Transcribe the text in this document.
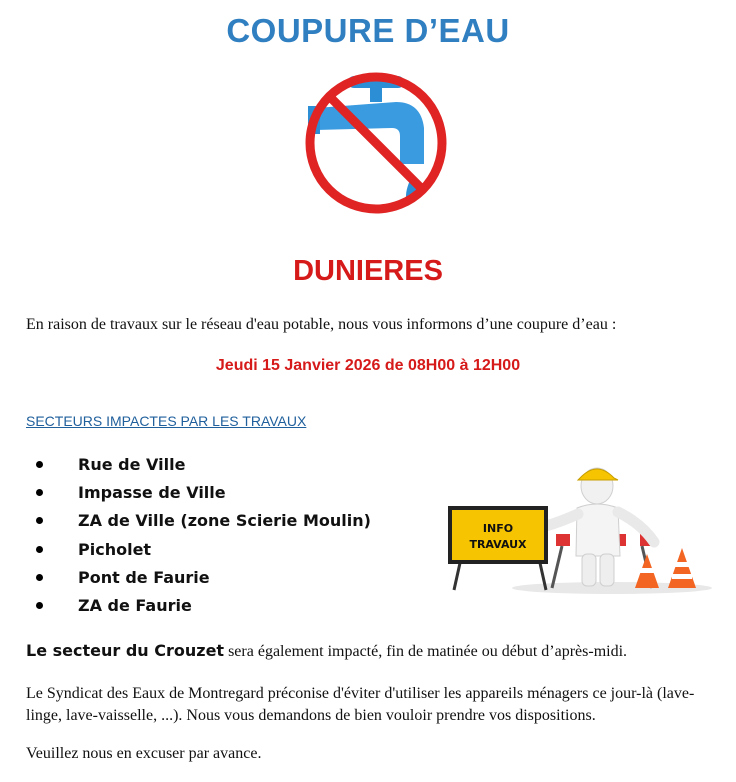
COUPURE D’EAU
DUNIERES
En raison de travaux sur le réseau d'eau potable, nous vous informons d’une coupure d’eau :
Jeudi 15 Janvier 2026 de 08H00 à 12H00
SECTEURS IMPACTES PAR LES TRAVAUX
Rue de Ville
Impasse de Ville
ZA de Ville (zone Scierie Moulin)
Picholet
Pont de Faurie
ZA de Faurie
INFO
TRAVAUX
Le secteur du Crouzet sera également impacté, fin de matinée ou début d’après-midi.
Le Syndicat des Eaux de Montregard préconise d'éviter d'utiliser les appareils ménagers ce jour-là (lave-linge, lave-vaisselle, ...). Nous vous demandons de bien vouloir prendre vos dispositions.
Veuillez nous en excuser par avance.
